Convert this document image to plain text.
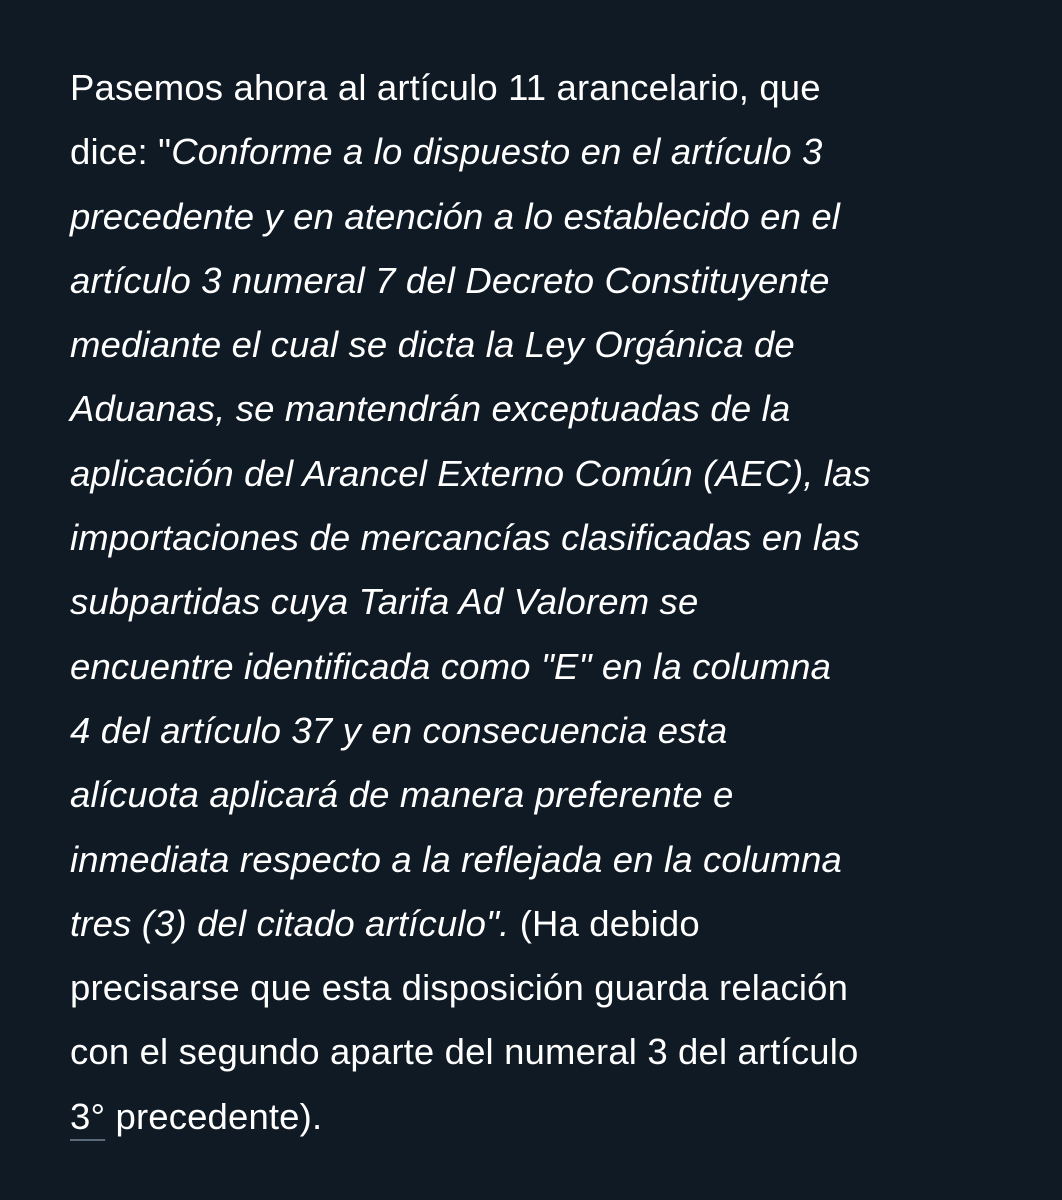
Pasemos ahora al artículo 11 arancelario, que
dice: "Conforme a lo dispuesto en el artículo 3
precedente y en atención a lo establecido en el
artículo 3 numeral 7 del Decreto Constituyente
mediante el cual se dicta la Ley Orgánica de
Aduanas, se mantendrán exceptuadas de la
aplicación del Arancel Externo Común (AEC), las
importaciones de mercancías clasificadas en las
subpartidas cuya Tarifa Ad Valorem se
encuentre identificada como "E" en la columna
4 del artículo 37 y en consecuencia esta
alícuota aplicará de manera preferente e
inmediata respecto a la reflejada en la columna
tres (3) del citado artículo". (Ha debido
precisarse que esta disposición guarda relación
con el segundo aparte del numeral 3 del artículo
3° precedente).
